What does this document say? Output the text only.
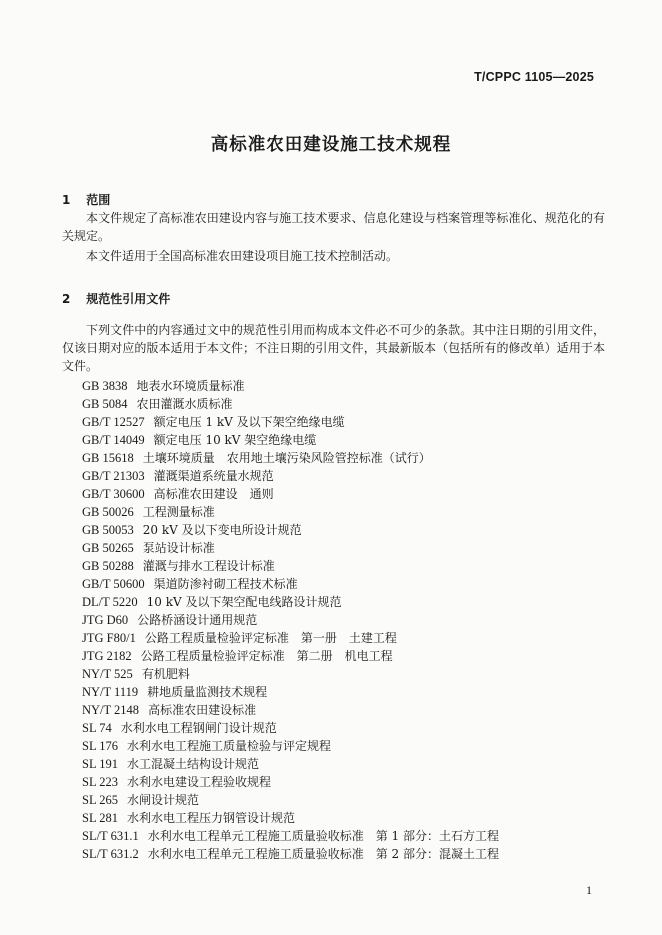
T/CPPC 1105—2025
高标准农田建设施工技术规程
1 范围

本文件规定了高标准农田建设内容与施工技术要求、信息化建设与档案管理等标准化、规范化的有关规定。

本文件适用于全国高标准农田建设项目施工技术控制活动。

2 规范性引用文件

下列文件中的内容通过文中的规范性引用而构成本文件必不可少的条款。其中注日期的引用文件，仅该日期对应的版本适用于本文件；不注日期的引用文件，其最新版本（包括所有的修改单）适用于本文件。

GB 3838 地表水环境质量标准
GB 5084 农田灌溉水质标准
GB/T 12527 额定电压 1 kV 及以下架空绝缘电缆
GB/T 14049 额定电压 10 kV 架空绝缘电缆
GB 15618 土壤环境质量　农用地土壤污染风险管控标准（试行）
GB/T 21303 灌溉渠道系统量水规范
GB/T 30600 高标准农田建设　通则
GB 50026 工程测量标准
GB 50053 20 kV 及以下变电所设计规范
GB 50265 泵站设计标准
GB 50288 灌溉与排水工程设计标准
GB/T 50600 渠道防渗衬砌工程技术标准
DL/T 5220 10 kV 及以下架空配电线路设计规范
JTG D60 公路桥涵设计通用规范
JTG F80/1 公路工程质量检验评定标准　第一册　土建工程
JTG 2182 公路工程质量检验评定标准　第二册　机电工程
NY/T 525 有机肥料
NY/T 1119 耕地质量监测技术规程
NY/T 2148 高标准农田建设标准
SL 74 水利水电工程钢闸门设计规范
SL 176 水利水电工程施工质量检验与评定规程
SL 191 水工混凝土结构设计规范
SL 223 水利水电建设工程验收规程
SL 265 水闸设计规范
SL 281 水利水电工程压力钢管设计规范
SL/T 631.1 水利水电工程单元工程施工质量验收标准　第 1 部分：土石方工程
SL/T 631.2 水利水电工程单元工程施工质量验收标准　第 2 部分：混凝土工程
1
